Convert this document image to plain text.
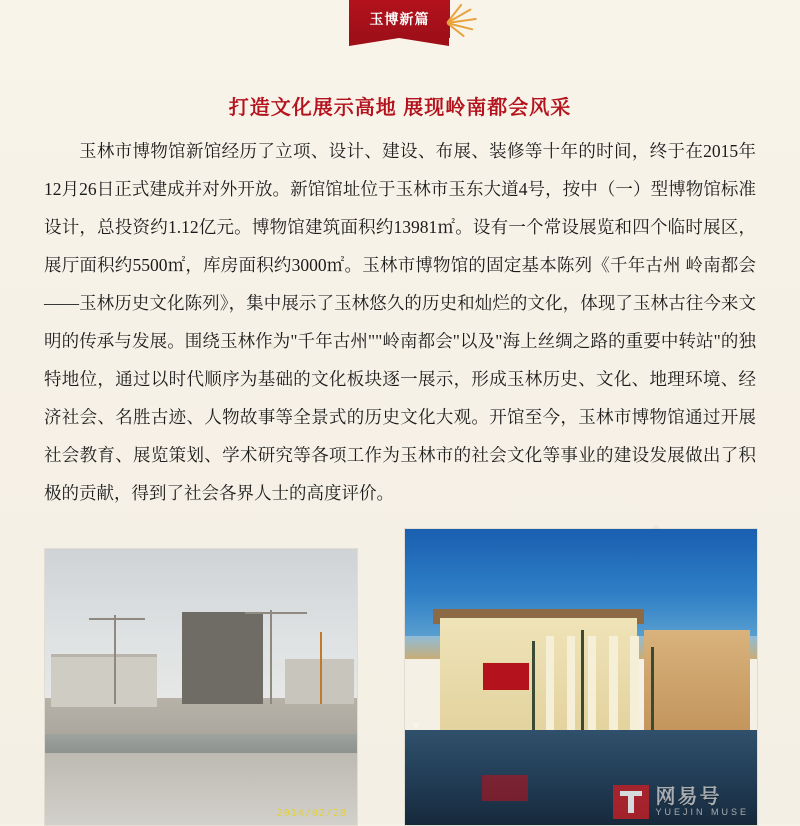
玉博新篇
打造文化展示高地 展现岭南都会风采
玉林市博物馆新馆经历了立项、设计、建设、布展、装修等十年的时间，终于在2015年12月26日正式建成并对外开放。新馆馆址位于玉林市玉东大道4号，按中（一）型博物馆标准设计，总投资约1.12亿元。博物馆建筑面积约13981㎡。设有一个常设展览和四个临时展区，展厅面积约5500㎡，库房面积约3000㎡。玉林市博物馆的固定基本陈列《千年古州 岭南都会——玉林历史文化陈列》，集中展示了玉林悠久的历史和灿烂的文化，体现了玉林古往今来文明的传承与发展。围绕玉林作为"千年古州""岭南都会"以及"海上丝绸之路的重要中转站"的独特地位，通过以时代顺序为基础的文化板块逐一展示，形成玉林历史、文化、地理环境、经济社会、名胜古迹、人物故事等全景式的历史文化大观。开馆至今，玉林市博物馆通过开展社会教育、展览策划、学术研究等各项工作为玉林市的社会文化等事业的建设发展做出了积极的贡献，得到了社会各界人士的高度评价。
2014/02/28
网易号
YUEJIN MUSE
